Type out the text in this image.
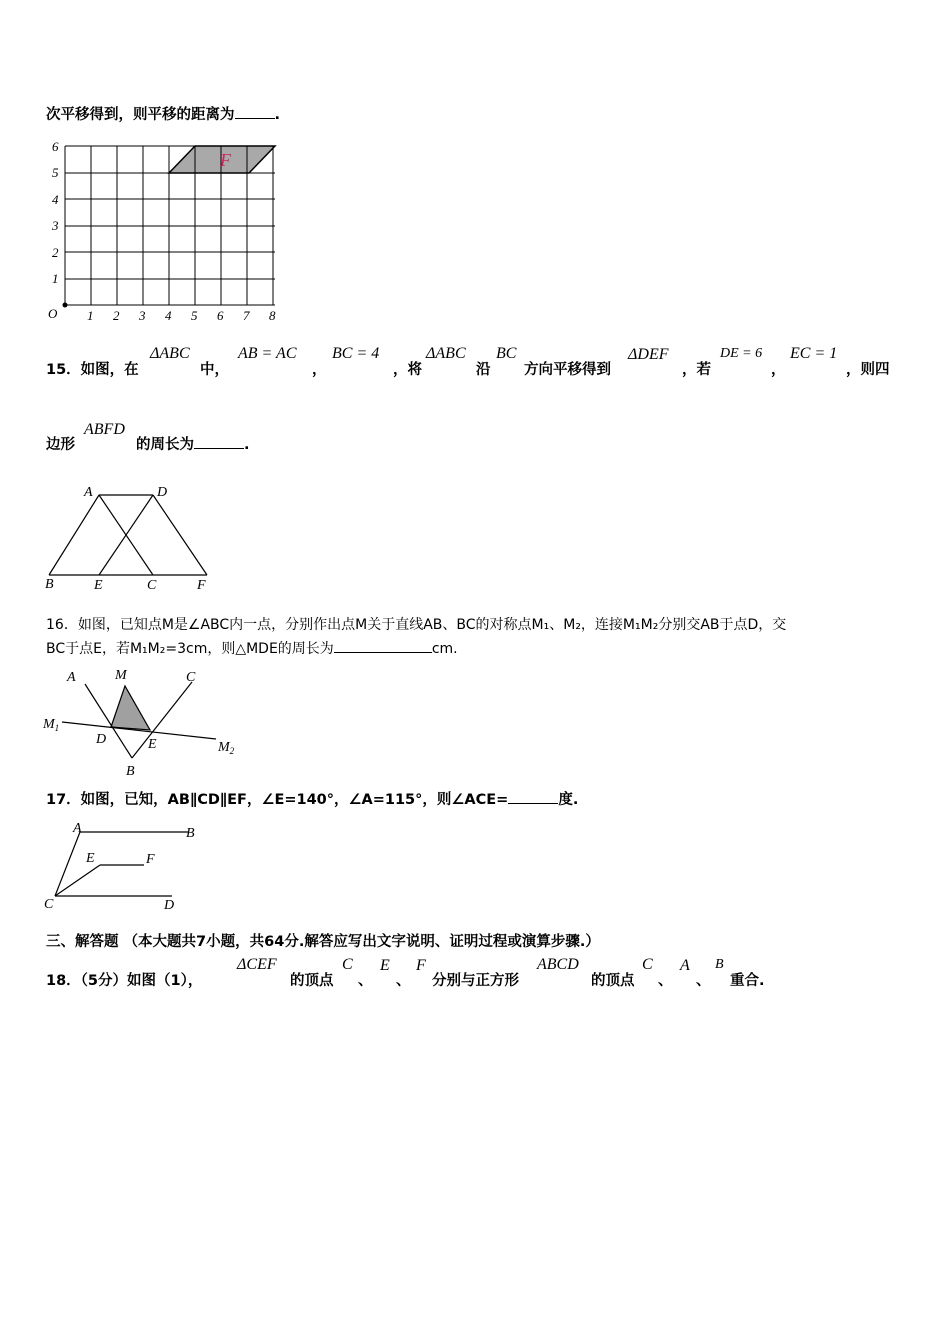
次平移得到，则平移的距离为	.
6
5
4
3
2
1
O 1 2 3 4 5 6 7 8
F
15．如图，在
ΔABC
中，
AB = AC
，
BC = 4
，将
ΔABC
沿
BC
方向平移得到
ΔDEF
，若
DE = 6
，
EC = 1
，则四
边形
ABFD
的周长为	.
A	D
B	E	C	F
16．如图，已知点M是∠ABC内一点，分别作出点M关于直线AB、BC的对称点M₁、M₂，连接M₁M₂分别交AB于点D，交
BC于点E，若M₁M₂=3cm，则△MDE的周长为	cm.
A	M	C
$M_1$
D	E	$M_2$
B
17．如图，已知，AB∥CD∥EF，∠E=140°，∠A=115°，则∠ACE=	度.
A	B
E	F
C	D
三、解答题 （本大题共7小题，共64分.解答应写出文字说明、证明过程或演算步骤.）
18．（5分）如图（1），
ΔCEF
的顶点
C
、
E
、
F
分别与正方形
ABCD
的顶点
C
、
A
、
B
重合.
